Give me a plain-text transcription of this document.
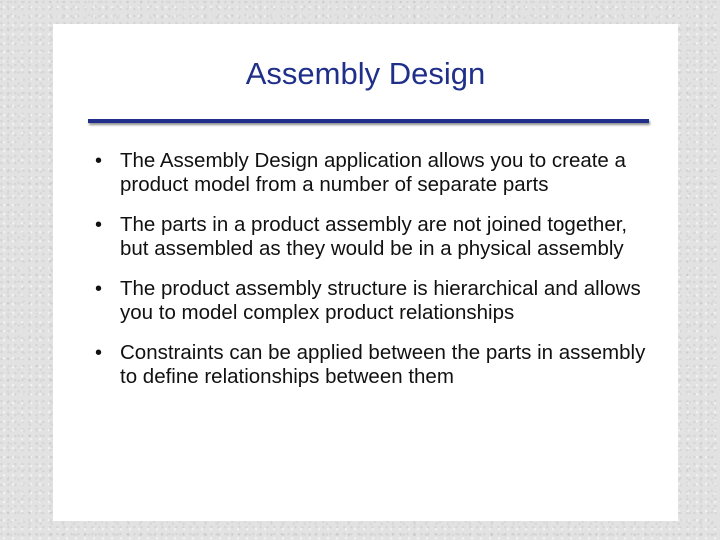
Assembly Design
• The Assembly Design application allows you to create a product model from a number of separate parts
• The parts in a product assembly are not joined together, but assembled as they would be in a physical assembly
• The product assembly structure is hierarchical and allows you to model complex product relationships
• Constraints can be applied between the parts in assembly to define relationships between them
